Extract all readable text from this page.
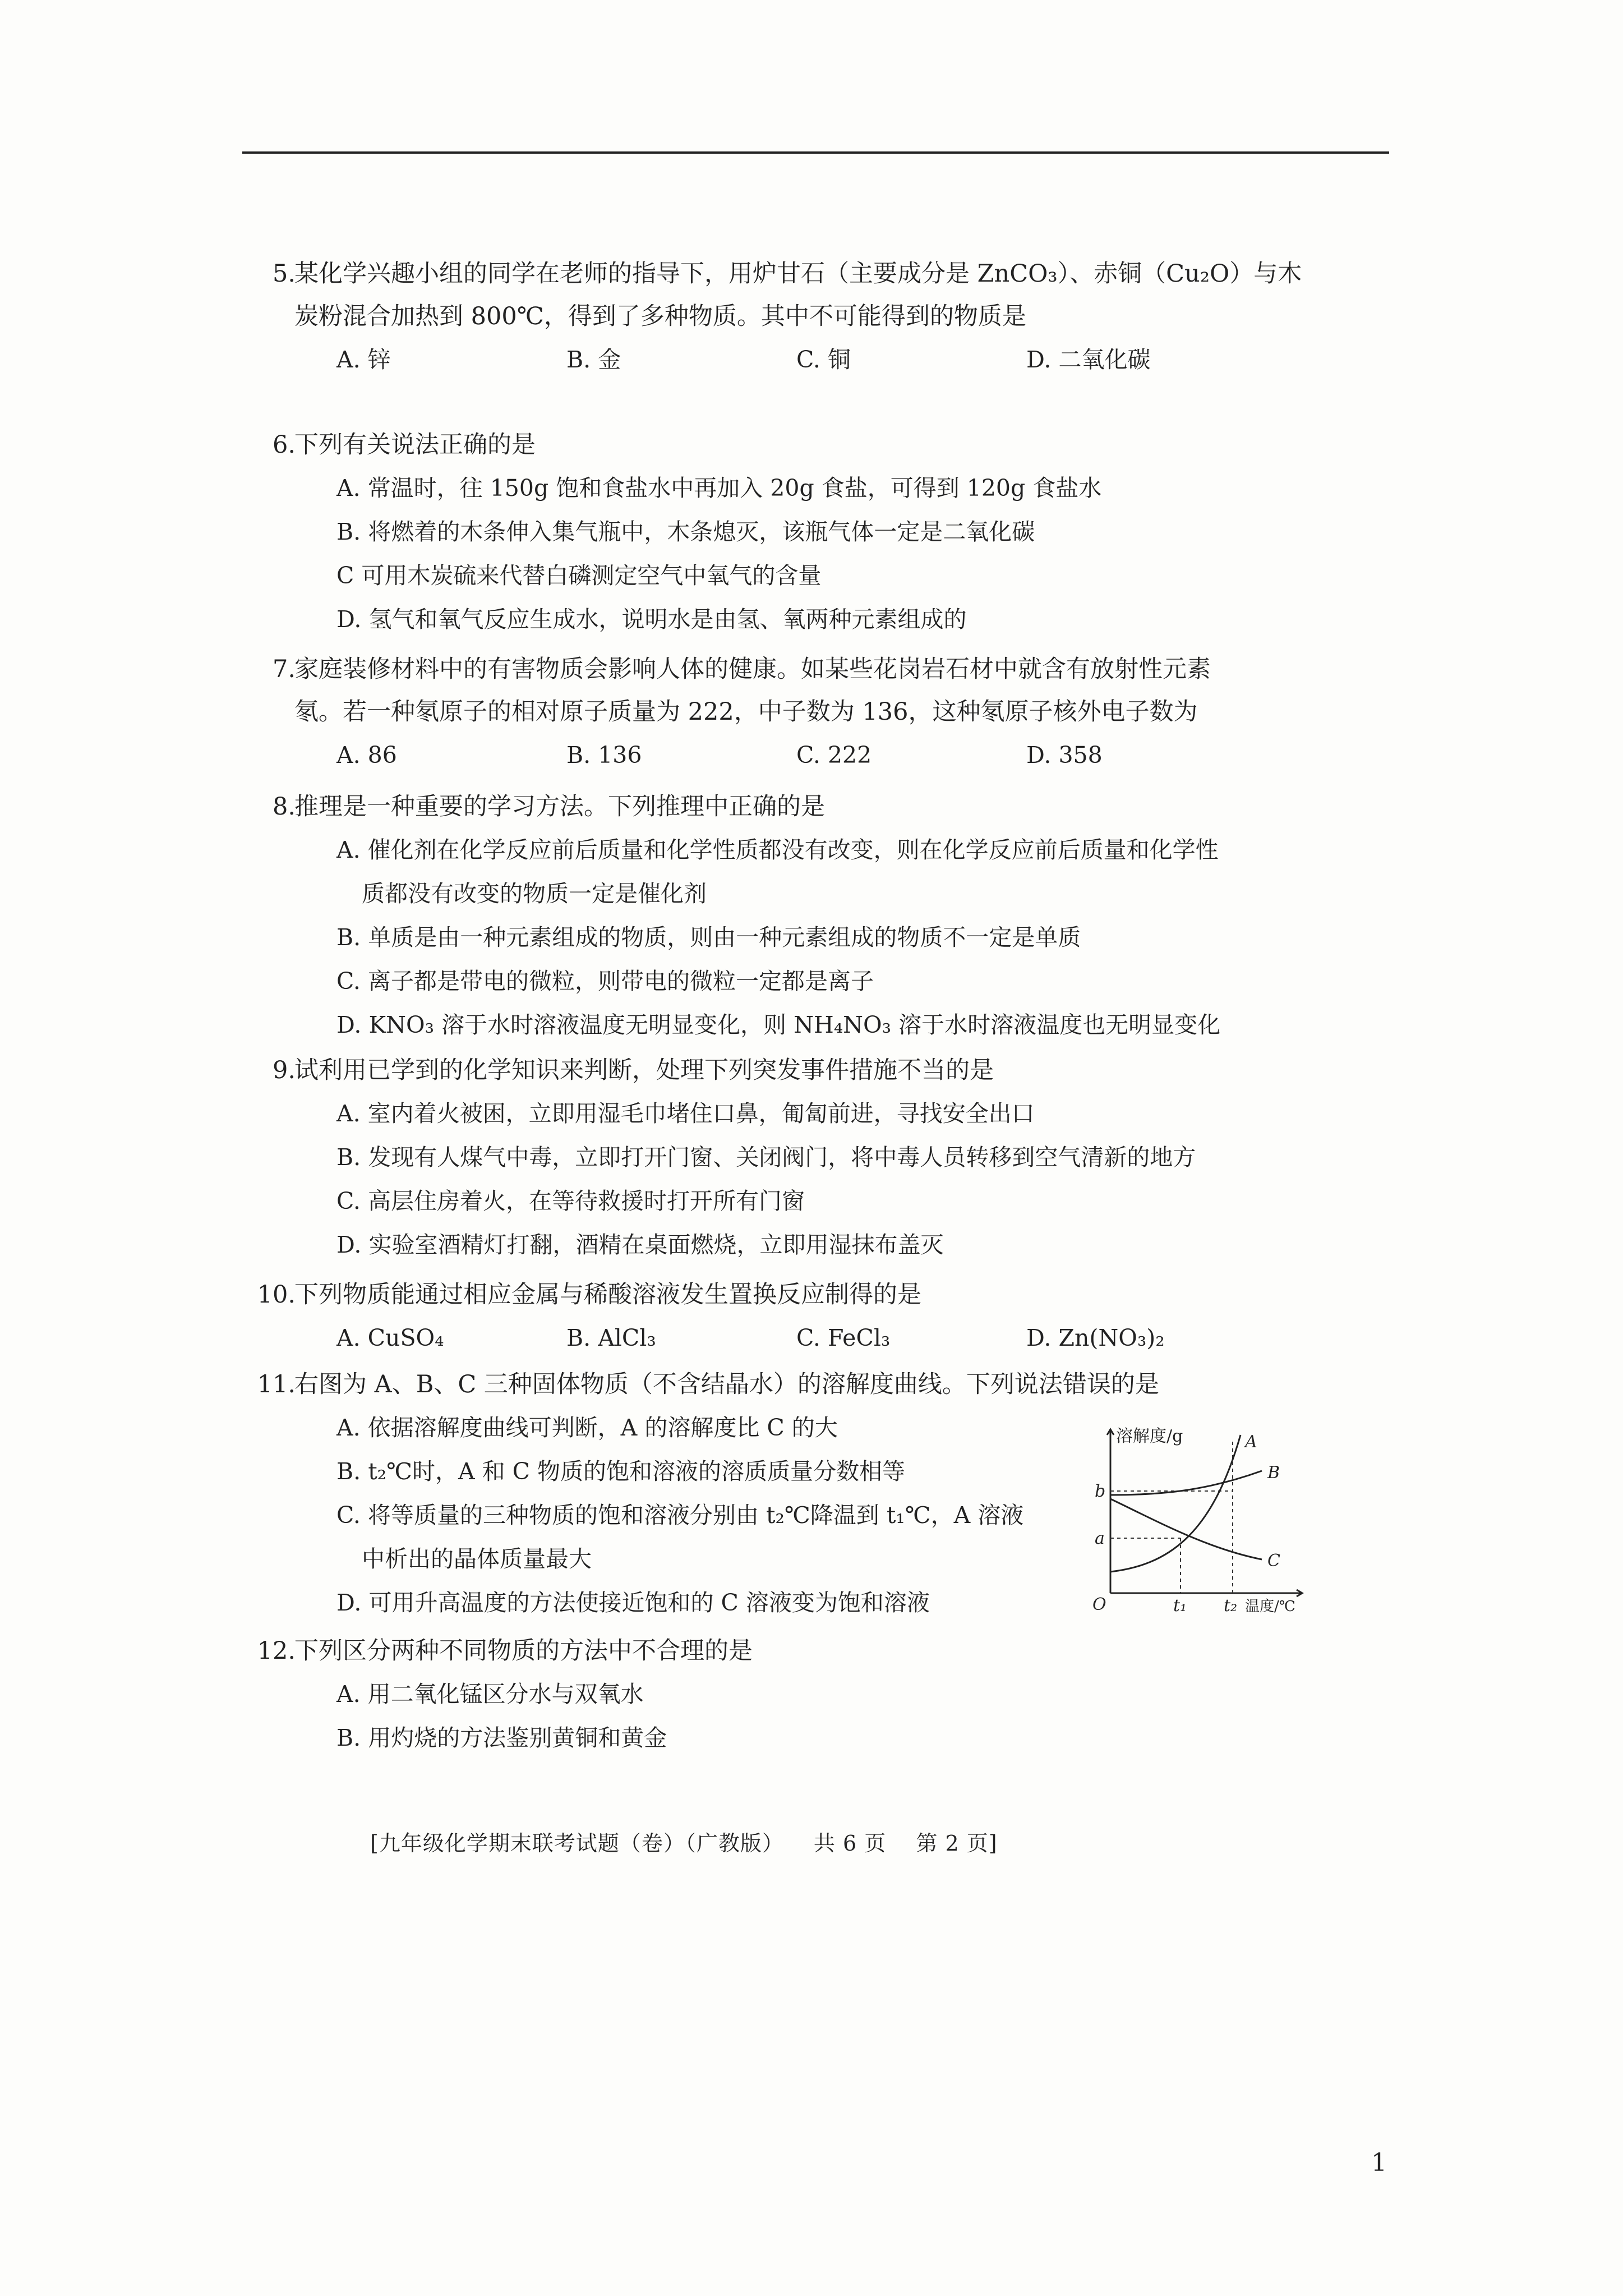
5.
某化学兴趣小组的同学在老师的指导下，用炉甘石（主要成分是 ZnCO₃）、赤铜（Cu₂O）与木
炭粉混合加热到 800℃，得到了多种物质。其中不可能得到的物质是
A. 锌	B. 金	C. 铜	D. 二氧化碳
6.
下列有关说法正确的是
A. 常温时，往 150g 饱和食盐水中再加入 20g 食盐，可得到 120g 食盐水
B. 将燃着的木条伸入集气瓶中，木条熄灭，该瓶气体一定是二氧化碳
C 可用木炭硫来代替白磷测定空气中氧气的含量
D. 氢气和氧气反应生成水，说明水是由氢、氧两种元素组成的
7.
家庭装修材料中的有害物质会影响人体的健康。如某些花岗岩石材中就含有放射性元素
氡。若一种氡原子的相对原子质量为 222，中子数为 136，这种氡原子核外电子数为
A. 86	B. 136	C. 222	D. 358
8.
推理是一种重要的学习方法。下列推理中正确的是
A. 催化剂在化学反应前后质量和化学性质都没有改变，则在化学反应前后质量和化学性
质都没有改变的物质一定是催化剂
B. 单质是由一种元素组成的物质，则由一种元素组成的物质不一定是单质
C. 离子都是带电的微粒，则带电的微粒一定都是离子
D. KNO₃ 溶于水时溶液温度无明显变化，则 NH₄NO₃ 溶于水时溶液温度也无明显变化
9.
试利用已学到的化学知识来判断，处理下列突发事件措施不当的是
A. 室内着火被困，立即用湿毛巾堵住口鼻，匍匐前进，寻找安全出口
B. 发现有人煤气中毒，立即打开门窗、关闭阀门，将中毒人员转移到空气清新的地方
C. 高层住房着火，在等待救援时打开所有门窗
D. 实验室酒精灯打翻，酒精在桌面燃烧，立即用湿抹布盖灭
10.
下列物质能通过相应金属与稀酸溶液发生置换反应制得的是
A. CuSO₄	B. AlCl₃	C. FeCl₃	D. Zn(NO₃)₂
11.
右图为 A、B、C 三种固体物质（不含结晶水）的溶解度曲线。下列说法错误的是
A. 依据溶解度曲线可判断，A 的溶解度比 C 的大
B. t₂℃时，A 和 C 物质的饱和溶液的溶质质量分数相等
C. 将等质量的三种物质的饱和溶液分别由 t₂℃降温到 t₁℃，A 溶液
中析出的晶体质量最大
D. 可用升高温度的方法使接近饱和的 C 溶液变为饱和溶液
溶解度/g	A
B
C
b
a
O	t₁ t₂ 温度/℃
12.
下列区分两种不同物质的方法中不合理的是
A. 用二氧化锰区分水与双氧水
B. 用灼烧的方法鉴别黄铜和黄金
[九年级化学期末联考试题（卷）（广教版） 共 6 页 第 2 页]
1
